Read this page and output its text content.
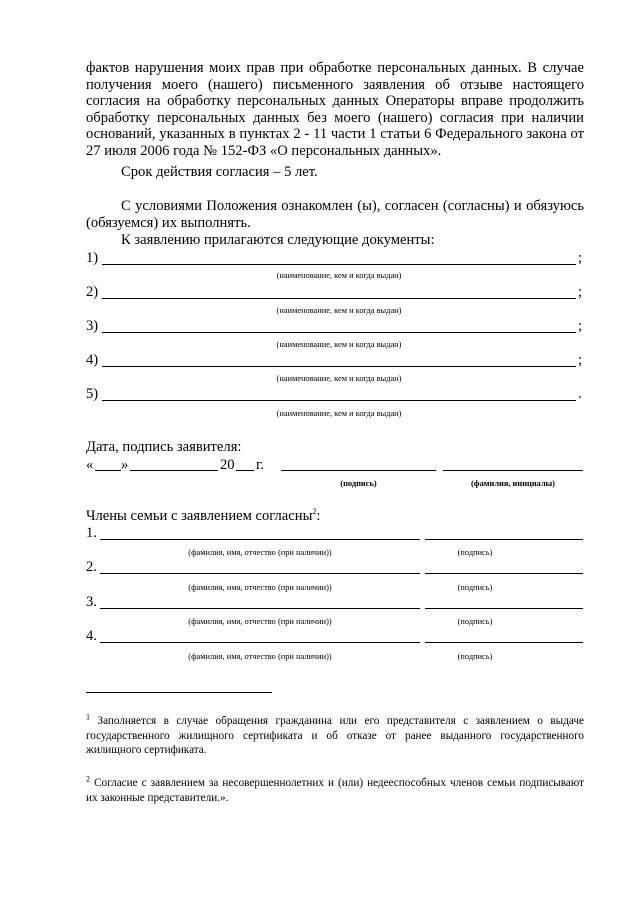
фактов нарушения моих прав при обработке персональных данных. В случае получения моего (нашего) письменного заявления об отзыве настоящего согласия на обработку персональных данных Операторы вправе продолжить обработку персональных данных без моего (нашего) согласия при наличии оснований, указанных в пунктах 2 - 11 части 1 статьи 6 Федерального закона от 27 июля 2006 года № 152-ФЗ «О персональных данных».
Срок действия согласия – 5 лет.
С условиями Положения ознакомлен (ы), согласен (согласны) и обязуюсь (обязуемся) их выполнять.
К заявлению прилагаются следующие документы:
1)	;
(наименование, кем и когда выдан)
2)	;
(наименование, кем и когда выдан)
3)	;
(наименование, кем и когда выдан)
4)	;
(наименование, кем и когда выдан)
5)	.
(наименование, кем и когда выдан)
Дата, подпись заявителя:
« »	20 г.
(подпись)	(фамилия, инициалы)
Члены семьи с заявлением согласны$^2$:
1.
(фамилия, имя, отчество (при наличии))	(подпись)
2.
(фамилия, имя, отчество (при наличии))	(подпись)
3.
(фамилия, имя, отчество (при наличии))	(подпись)
4.
(фамилия, имя, отчество (при наличии))	(подпись)
$^1$ Заполняется в случае обращения гражданина или его представителя с заявлением о выдаче государственного жилищного сертификата и об отказе от ранее выданного государственного жилищного сертификата.
$^2$ Согласие с заявлением за несовершеннолетних и (или) недееспособных членов семьи подписывают их законные представители.».
